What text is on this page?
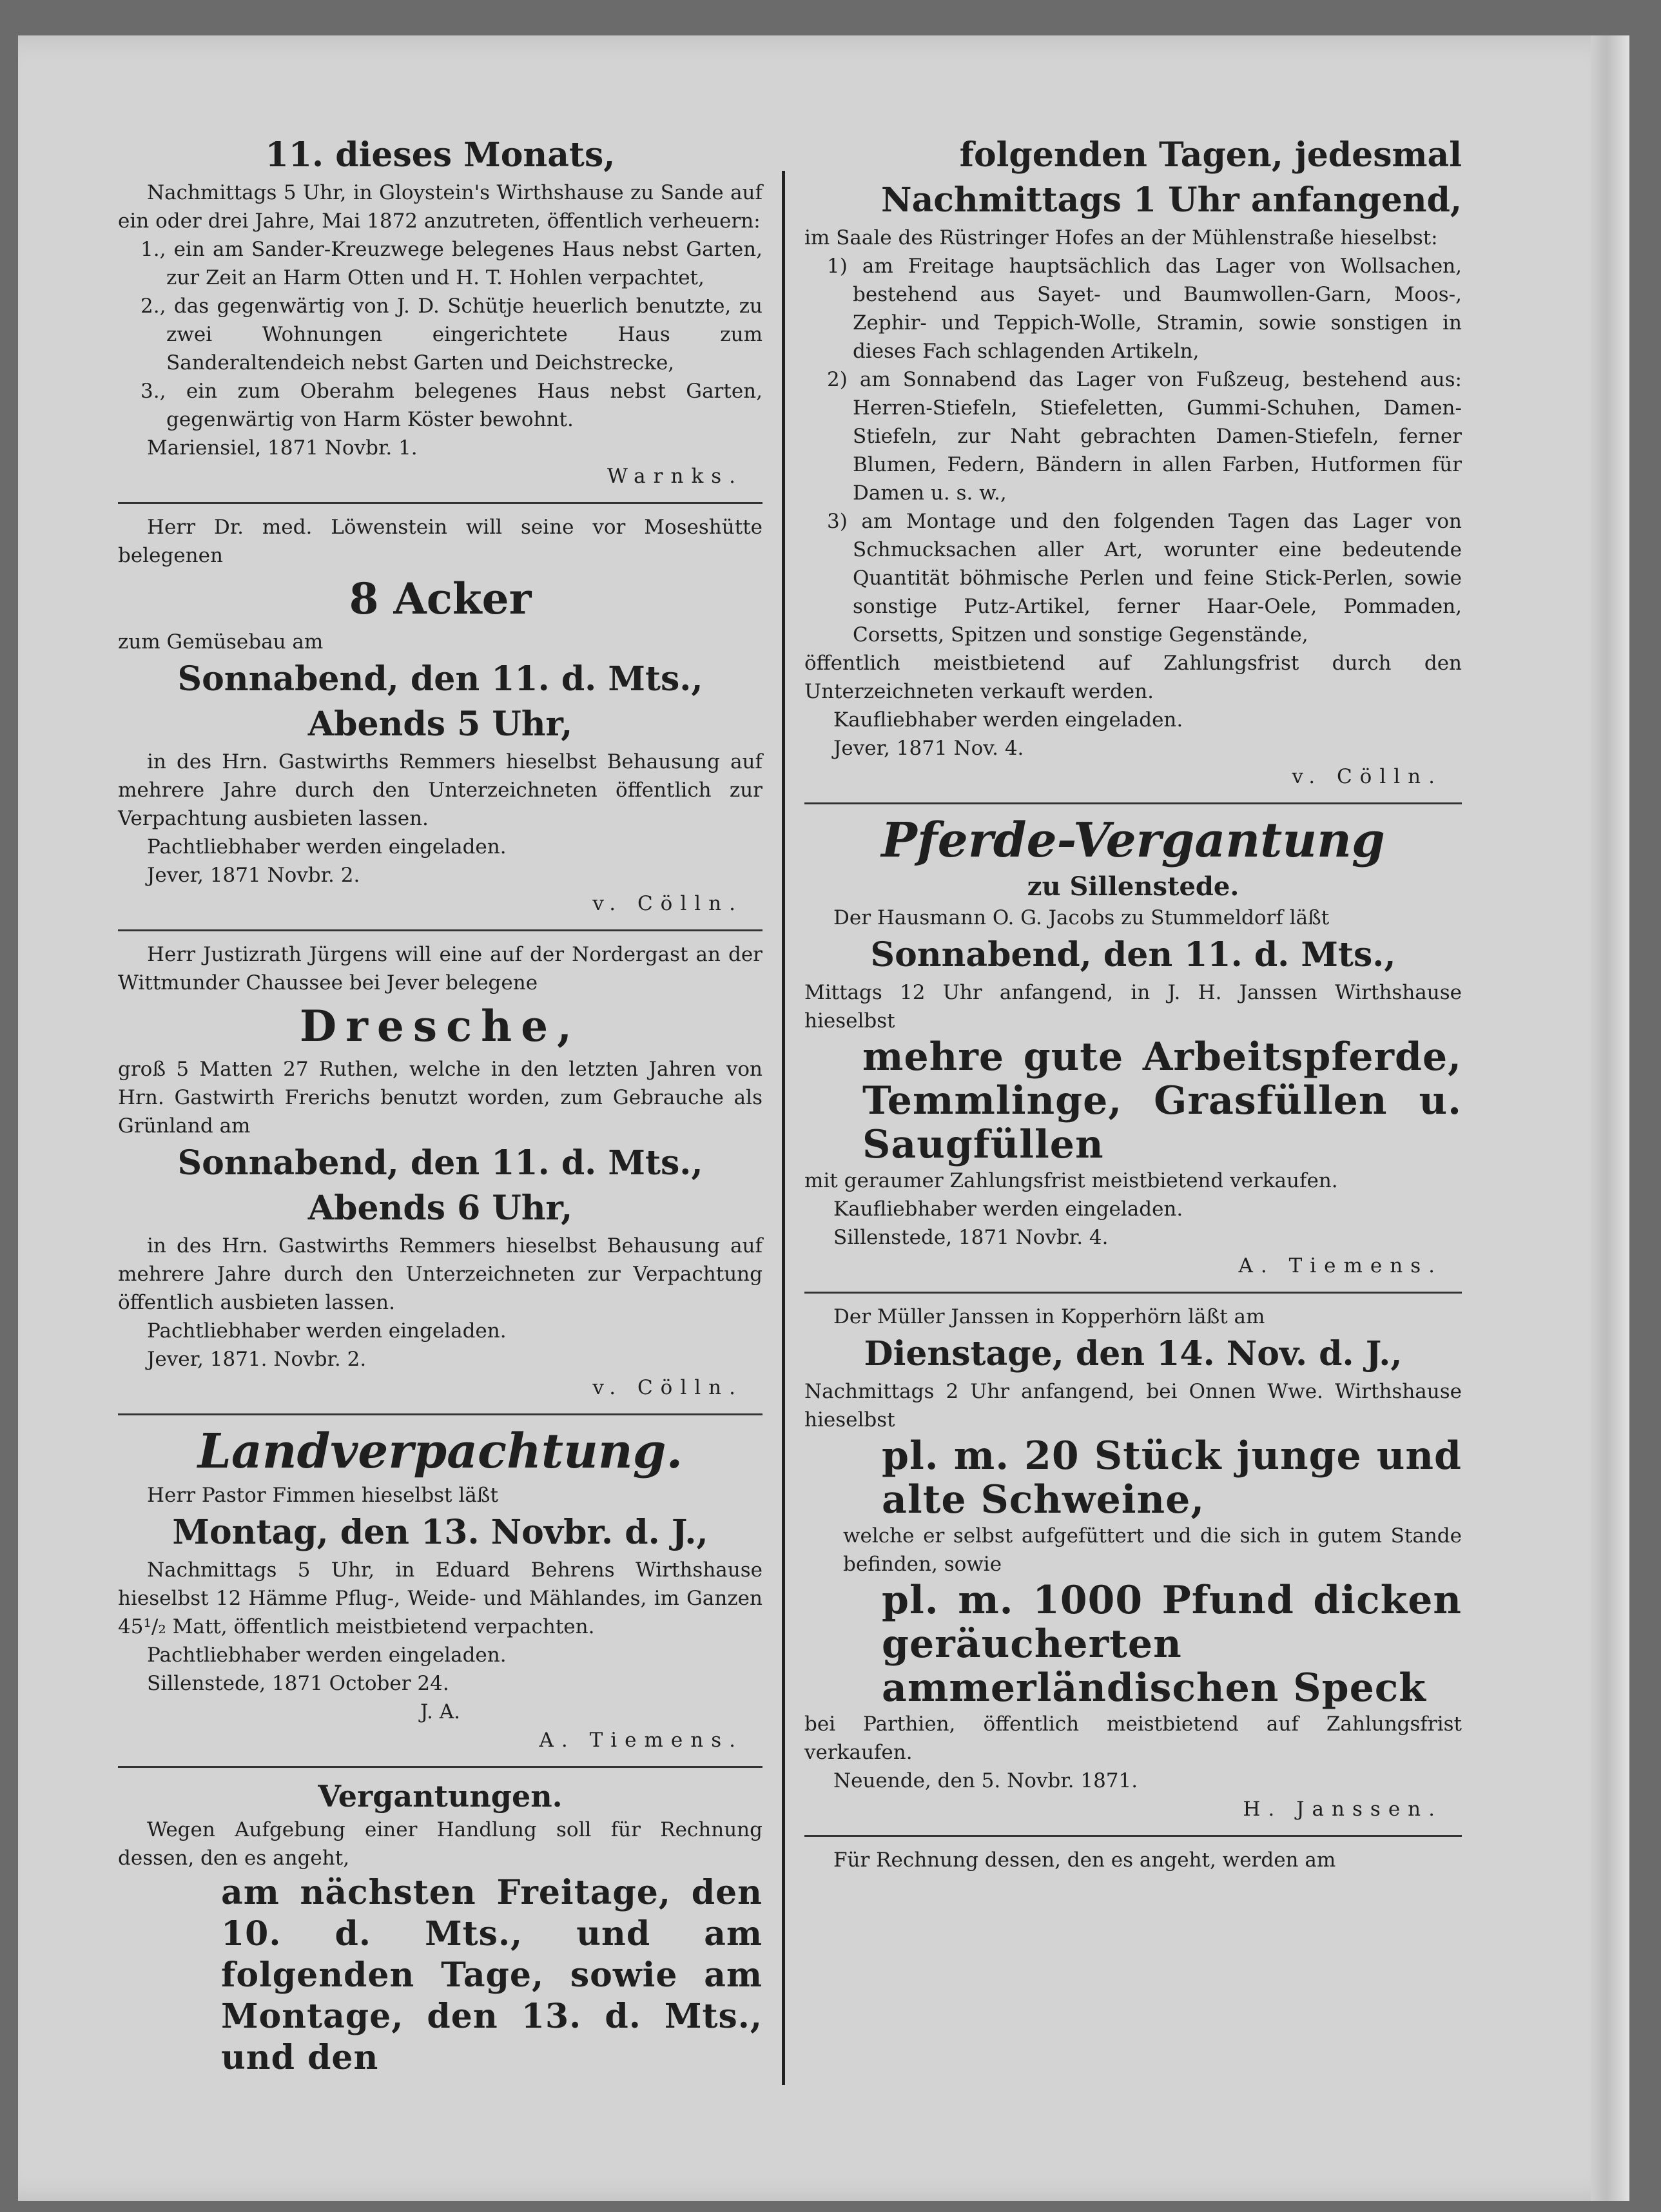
11. dieses Monats,

Nachmittags 5 Uhr, in Gloystein's Wirthshause zu Sande auf ein oder drei Jahre, Mai 1872 anzutreten, öffentlich verheuern:

1., ein am Sander-Kreuzwege belegenes Haus nebst Garten, zur Zeit an Harm Otten und H. T. Hohlen verpachtet,

2., das gegenwärtig von J. D. Schütje heuerlich benutzte, zu zwei Wohnungen eingerichtete Haus zum Sanderaltendeich nebst Garten und Deichstrecke,

3., ein zum Oberahm belegenes Haus nebst Garten, gegenwärtig von Harm Köster bewohnt.

Mariensiel, 1871 Novbr. 1.

Warnks.

Herr Dr. med. Löwenstein will seine vor Moseshütte belegenen

8 Acker

zum Gemüsebau am

Sonnabend, den 11. d. Mts.,

Abends 5 Uhr,

in des Hrn. Gastwirths Remmers hieselbst Behausung auf mehrere Jahre durch den Unterzeichneten öffentlich zur Verpachtung ausbieten lassen.

Pachtliebhaber werden eingeladen.

Jever, 1871 Novbr. 2.

v. Cölln.

Herr Justizrath Jürgens will eine auf der Nordergast an der Wittmunder Chaussee bei Jever belegene

Dresche,

groß 5 Matten 27 Ruthen, welche in den letzten Jahren von Hrn. Gastwirth Frerichs benutzt worden, zum Gebrauche als Grünland am

Sonnabend, den 11. d. Mts.,

Abends 6 Uhr,

in des Hrn. Gastwirths Remmers hieselbst Behausung auf mehrere Jahre durch den Unterzeichneten zur Verpachtung öffentlich ausbieten lassen.

Pachtliebhaber werden eingeladen.

Jever, 1871. Novbr. 2.

v. Cölln.

Landverpachtung.

Herr Pastor Fimmen hieselbst läßt

Montag, den 13. Novbr. d. J.,

Nachmittags 5 Uhr, in Eduard Behrens Wirthshause hieselbst 12 Hämme Pflug-, Weide- und Mählandes, im Ganzen 45¹/₂ Matt, öffentlich meistbietend verpachten.

Pachtliebhaber werden eingeladen.

Sillenstede, 1871 October 24.

J. A.

A. Tiemens.

Vergantungen.

Wegen Aufgebung einer Handlung soll für Rechnung dessen, den es angeht,

am nächsten Freitage, den 10. d. Mts., und am folgenden Tage, sowie am Montage, den 13. d. Mts., und den

folgenden Tagen, jedesmal

Nachmittags 1 Uhr anfangend,

im Saale des Rüstringer Hofes an der Mühlenstraße hieselbst:

1) am Freitage hauptsächlich das Lager von Wollsachen, bestehend aus Sayet- und Baumwollen-Garn, Moos-, Zephir- und Teppich-Wolle, Stramin, sowie sonstigen in dieses Fach schlagenden Artikeln,

2) am Sonnabend das Lager von Fußzeug, bestehend aus: Herren-Stiefeln, Stiefeletten, Gummi-Schuhen, Damen-Stiefeln, zur Naht gebrachten Damen-Stiefeln, ferner Blumen, Federn, Bändern in allen Farben, Hutformen für Damen u. s. w.,

3) am Montage und den folgenden Tagen das Lager von Schmucksachen aller Art, worunter eine bedeutende Quantität böhmische Perlen und feine Stick-Perlen, sowie sonstige Putz-Artikel, ferner Haar-Oele, Pommaden, Corsetts, Spitzen und sonstige Gegenstände,

öffentlich meistbietend auf Zahlungsfrist durch den Unterzeichneten verkauft werden.

Kaufliebhaber werden eingeladen.

Jever, 1871 Nov. 4.

v. Cölln.

Pferde-Vergantung

zu Sillenstede.

Der Hausmann O. G. Jacobs zu Stummeldorf läßt

Sonnabend, den 11. d. Mts.,

Mittags 12 Uhr anfangend, in J. H. Janssen Wirthshause hieselbst

mehre gute Arbeitspferde, Temmlinge, Grasfüllen u. Saugfüllen

mit geraumer Zahlungsfrist meistbietend verkaufen.

Kaufliebhaber werden eingeladen.

Sillenstede, 1871 Novbr. 4.

A. Tiemens.

Der Müller Janssen in Kopperhörn läßt am

Dienstage, den 14. Nov. d. J.,

Nachmittags 2 Uhr anfangend, bei Onnen Wwe. Wirthshause hieselbst

pl. m. 20 Stück junge und alte Schweine,

welche er selbst aufgefüttert und die sich in gutem Stande befinden, sowie

pl. m. 1000 Pfund dicken geräucherten ammerländischen Speck

bei Parthien, öffentlich meistbietend auf Zahlungsfrist verkaufen.

Neuende, den 5. Novbr. 1871.

H. Janssen.

Für Rechnung dessen, den es angeht, werden am
